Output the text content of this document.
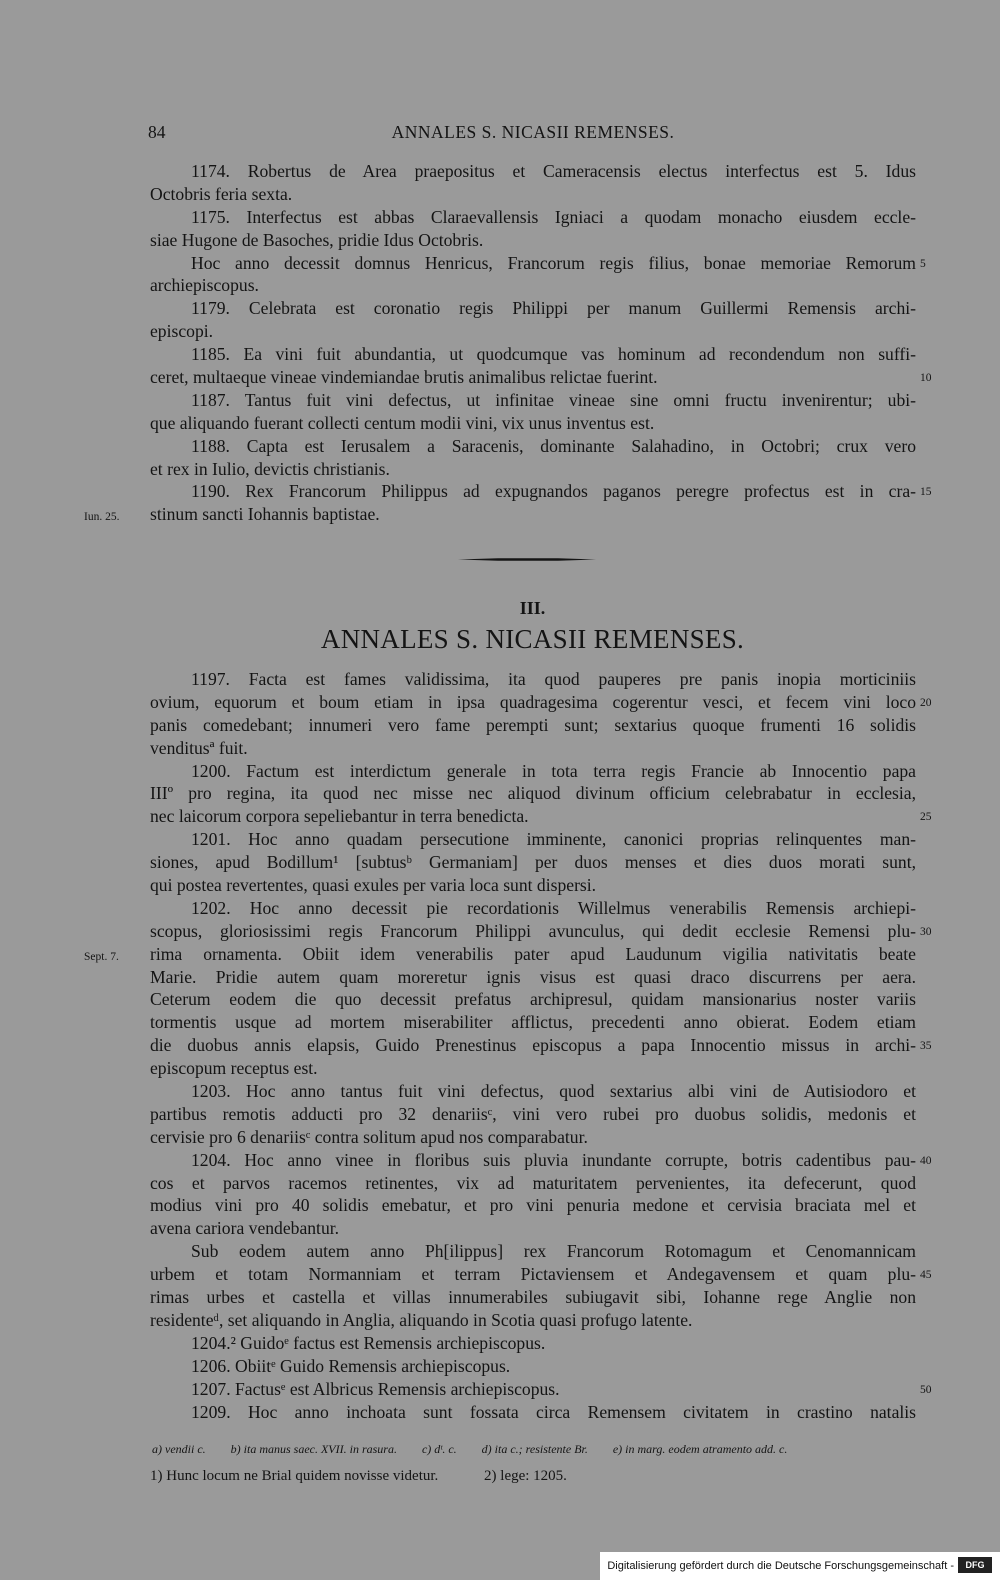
84	ANNALES S. NICASII REMENSES.
1174. Robertus de Area praepositus et Cameracensis electus interfectus est 5. Idus
Octobris feria sexta.
1175. Interfectus est abbas Claraevallensis Igniaci a quodam monacho eiusdem eccle-
siae Hugone de Basoches, pridie Idus Octobris.
Hoc anno decessit domnus Henricus, Francorum regis filius, bonae memoriae Remorum 5
archiepiscopus.
1179. Celebrata est coronatio regis Philippi per manum Guillermi Remensis archi-
episcopi.
1185. Ea vini fuit abundantia, ut quodcumque vas hominum ad recondendum non suffi-
ceret, multaeque vineae vindemiandae brutis animalibus relictae fuerint.	10
1187. Tantus fuit vini defectus, ut infinitae vineae sine omni fructu invenirentur; ubi-
que aliquando fuerant collecti centum modii vini, vix unus inventus est.
1188. Capta est Ierusalem a Saracenis, dominante Salahadino, in Octobri; crux vero
et rex in Iulio, devictis christianis.
1190. Rex Francorum Philippus ad expugnandos paganos peregre profectus est in cra- 15
Iun. 25. stinum sancti Iohannis baptistae.
III.
ANNALES S. NICASII REMENSES.
1197. Facta est fames validissima, ita quod pauperes pre panis inopia morticiniis
ovium, equorum et boum etiam in ipsa quadragesima cogerentur vesci, et fecem vini loco 20
panis comedebant; innumeri vero fame perempti sunt; sextarius quoque frumenti 16 solidis
venditusª fuit.
1200. Factum est interdictum generale in tota terra regis Francie ab Innocentio papa
IIIº pro regina, ita quod nec misse nec aliquod divinum officium celebrabatur in ecclesia,
nec laicorum corpora sepeliebantur in terra benedicta.	25
1201. Hoc anno quadam persecutione imminente, canonici proprias relinquentes man-
siones, apud Bodillum¹ [subtusᵇ Germaniam] per duos menses et dies duos morati sunt,
qui postea revertentes, quasi exules per varia loca sunt dispersi.
1202. Hoc anno decessit pie recordationis Willelmus venerabilis Remensis archiepi-
scopus, gloriosissimi regis Francorum Philippi avunculus, qui dedit ecclesie Remensi plu- 30
Sept. 7. rima ornamenta. Obiit idem venerabilis pater apud Laudunum vigilia nativitatis beate
Marie. Pridie autem quam moreretur ignis visus est quasi draco discurrens per aera.
Ceterum eodem die quo decessit prefatus archipresul, quidam mansionarius noster variis
tormentis usque ad mortem miserabiliter afflictus, precedenti anno obierat. Eodem etiam
die duobus annis elapsis, Guido Prenestinus episcopus a papa Innocentio missus in archi- 35
episcopum receptus est.
1203. Hoc anno tantus fuit vini defectus, quod sextarius albi vini de Autisiodoro et
partibus remotis adducti pro 32 denariisᶜ, vini vero rubei pro duobus solidis, medonis et
cervisie pro 6 denariisᶜ contra solitum apud nos comparabatur.
1204. Hoc anno vinee in floribus suis pluvia inundante corrupte, botris cadentibus pau- 40
cos et parvos racemos retinentes, vix ad maturitatem pervenientes, ita defecerunt, quod
modius vini pro 40 solidis emebatur, et pro vini penuria medone et cervisia braciata mel et
avena cariora vendebantur.
Sub eodem autem anno Ph[ilippus] rex Francorum Rotomagum et Cenomannicam
urbem et totam Normanniam et terram Pictaviensem et Andegavensem et quam plu- 45
rimas urbes et castella et villas innumerabiles subiugavit sibi, Iohanne rege Anglie non
residenteᵈ, set aliquando in Anglia, aliquando in Scotia quasi profugo latente.
1204.² Guidoᵉ factus est Remensis archiepiscopus.
1206. Obiitᵉ Guido Remensis archiepiscopus.
1207. Factusᵉ est Albricus Remensis archiepiscopus.	50
1209. Hoc anno inchoata sunt fossata circa Remensem civitatem in crastino natalis
a) vendii c. b) ita manus saec. XVII. in rasura. c) dᵗ. c. d) ita c.; resistente Br. e) in marg. eodem atramento add. c.
1) Hunc locum ne Brial quidem novisse videtur.	2) lege: 1205.
Digitalisierung gefördert durch die Deutsche Forschungsgemeinschaft -	DFG
